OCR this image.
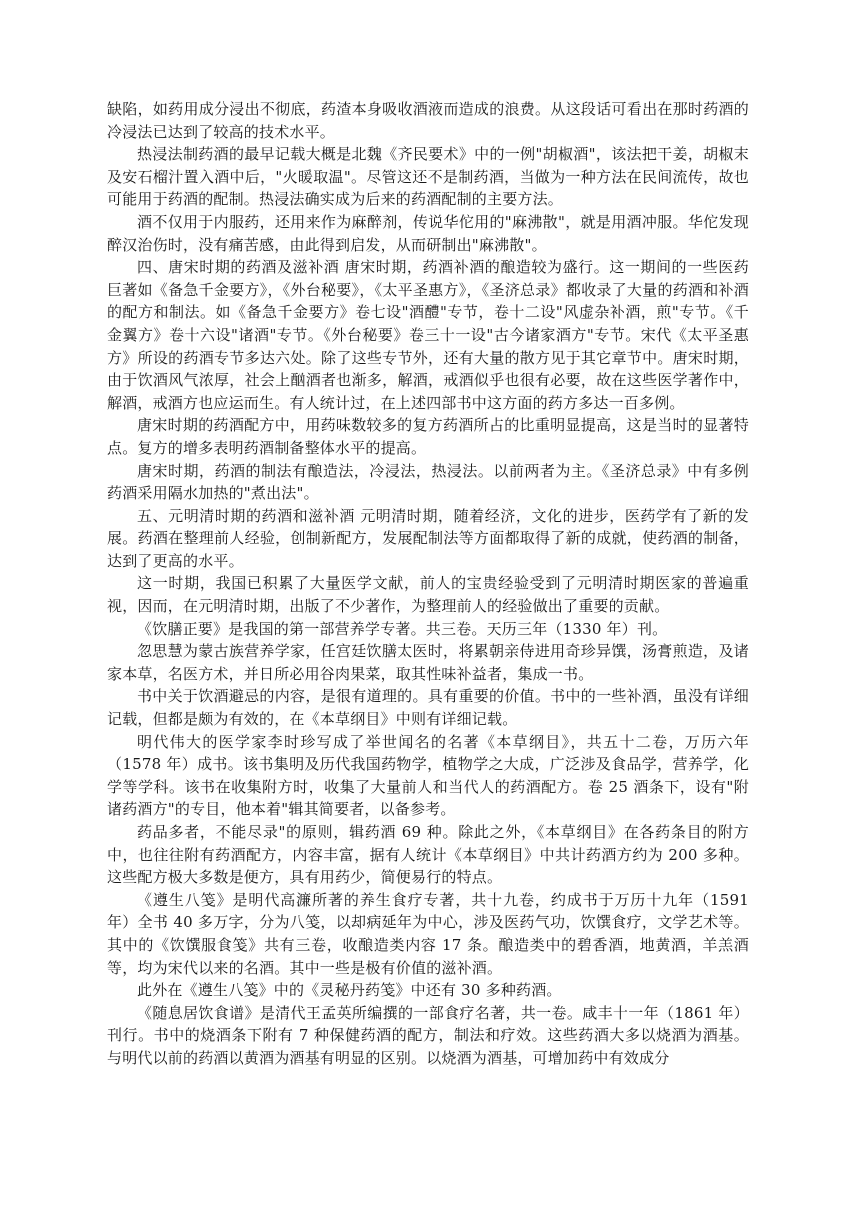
缺陷，如药用成分浸出不彻底，药渣本身吸收酒液而造成的浪费。从这段话可看出在那时药酒的冷浸法已达到了较高的技术水平。

热浸法制药酒的最早记载大概是北魏《齐民要术》中的一例"胡椒酒"，该法把干姜，胡椒末及安石榴汁置入酒中后，"火暖取温"。尽管这还不是制药酒，当做为一种方法在民间流传，故也可能用于药酒的配制。热浸法确实成为后来的药酒配制的主要方法。

酒不仅用于内服药，还用来作为麻醉剂，传说华佗用的"麻沸散"，就是用酒冲服。华佗发现醉汉治伤时，没有痛苦感，由此得到启发，从而研制出"麻沸散"。

四、唐宋时期的药酒及滋补酒 唐宋时期，药酒补酒的酿造较为盛行。这一期间的一些医药巨著如《备急千金要方》，《外台秘要》，《太平圣惠方》，《圣济总录》都收录了大量的药酒和补酒的配方和制法。如《备急千金要方》卷七设"酒醴"专节，卷十二设"风虚杂补酒，煎"专节。《千金翼方》卷十六设"诸酒"专节。《外台秘要》卷三十一设"古今诸家酒方"专节。宋代《太平圣惠方》所设的药酒专节多达六处。除了这些专节外，还有大量的散方见于其它章节中。唐宋时期，由于饮酒风气浓厚，社会上酗酒者也渐多，解酒，戒酒似乎也很有必要，故在这些医学著作中，解酒，戒酒方也应运而生。有人统计过，在上述四部书中这方面的药方多达一百多例。

唐宋时期的药酒配方中，用药味数较多的复方药酒所占的比重明显提高，这是当时的显著特点。复方的增多表明药酒制备整体水平的提高。

唐宋时期，药酒的制法有酿造法，冷浸法，热浸法。以前两者为主。《圣济总录》中有多例药酒采用隔水加热的"煮出法"。

五、元明清时期的药酒和滋补酒 元明清时期，随着经济，文化的进步，医药学有了新的发展。药酒在整理前人经验，创制新配方，发展配制法等方面都取得了新的成就，使药酒的制备，达到了更高的水平。

这一时期，我国已积累了大量医学文献，前人的宝贵经验受到了元明清时期医家的普遍重视，因而，在元明清时期，出版了不少著作，为整理前人的经验做出了重要的贡献。

《饮膳正要》是我国的第一部营养学专著。共三卷。天历三年（1330 年）刊。

忽思慧为蒙古族营养学家，任宫廷饮膳太医时，将累朝亲侍进用奇珍异馔，汤膏煎造，及诸家本草，名医方术，并日所必用谷肉果菜，取其性味补益者，集成一书。

书中关于饮酒避忌的内容，是很有道理的。具有重要的价值。书中的一些补酒，虽没有详细记载，但都是颇为有效的，在《本草纲目》中则有详细记载。

明代伟大的医学家李时珍写成了举世闻名的名著《本草纲目》，共五十二卷，万历六年（1578 年）成书。该书集明及历代我国药物学，植物学之大成，广泛涉及食品学，营养学，化学等学科。该书在收集附方时，收集了大量前人和当代人的药酒配方。卷 25 酒条下，设有"附诸药酒方"的专目，他本着"辑其简要者，以备参考。

药品多者，不能尽录"的原则，辑药酒 69 种。除此之外，《本草纲目》在各药条目的附方中，也往往附有药酒配方，内容丰富，据有人统计《本草纲目》中共计药酒方约为 200 多种。这些配方极大多数是便方，具有用药少，简便易行的特点。

《遵生八笺》是明代高濂所著的养生食疗专著，共十九卷，约成书于万历十九年（1591 年）全书 40 多万字，分为八笺，以却病延年为中心，涉及医药气功，饮馔食疗，文学艺术等。其中的《饮馔服食笺》共有三卷，收酿造类内容 17 条。酿造类中的碧香酒，地黄酒，羊羔酒等，均为宋代以来的名酒。其中一些是极有价值的滋补酒。

此外在《遵生八笺》中的《灵秘丹药笺》中还有 30 多种药酒。

《随息居饮食谱》是清代王孟英所编撰的一部食疗名著，共一卷。咸丰十一年（1861 年）刊行。书中的烧酒条下附有 7 种保健药酒的配方，制法和疗效。这些药酒大多以烧酒为酒基。与明代以前的药酒以黄酒为酒基有明显的区别。以烧酒为酒基，可增加药中有效成分
